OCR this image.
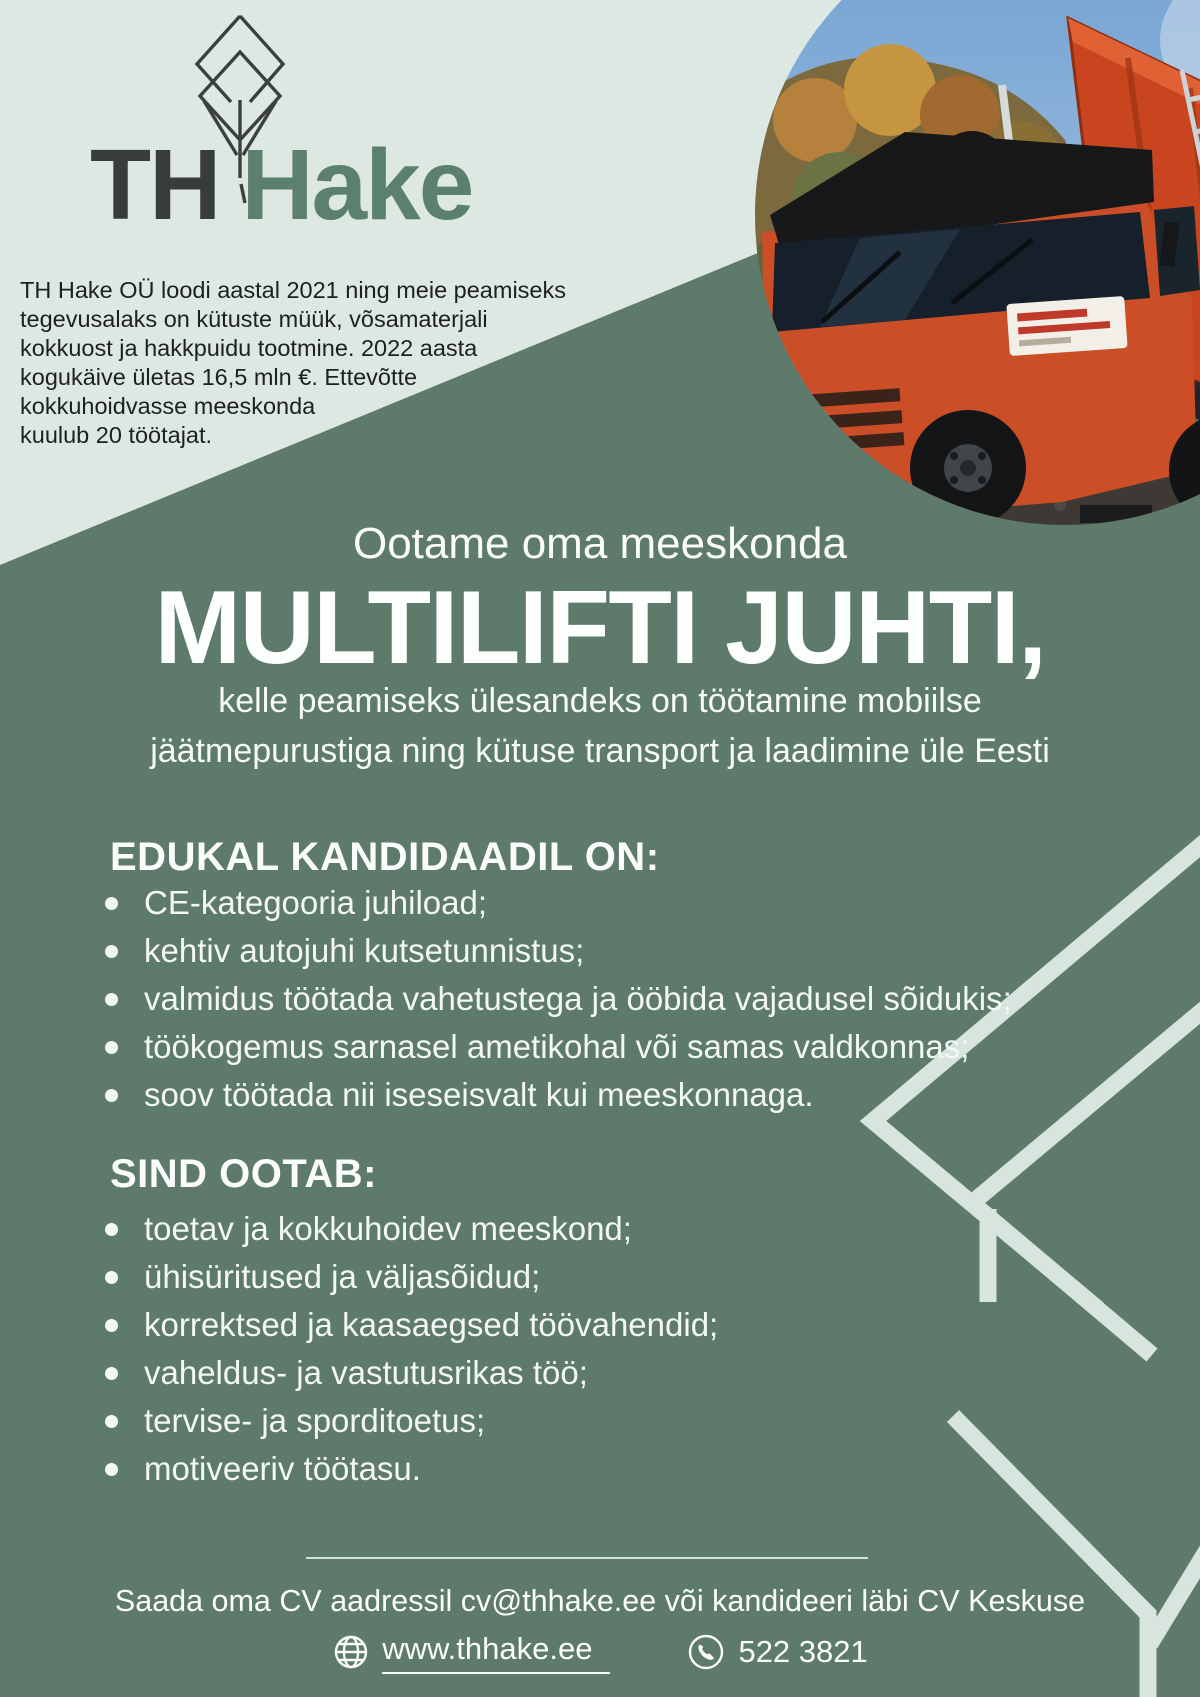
TH Hake
TH Hake OÜ loodi aastal 2021 ning meie peamiseks
tegevusalaks on kütuste müük, võsamaterjali
kokkuost ja hakkpuidu tootmine. 2022 aasta
kogukäive ületas 16,5 mln €. Ettevõtte
kokkuhoidvasse meeskonda
kuulub 20 töötajat.
Ootame oma meeskonda
MULTILIFTI JUHTI,
kelle peamiseks ülesandeks on töötamine mobiilse
jäätmepurustiga ning kütuse transport ja laadimine üle Eesti
EDUKAL KANDIDAADIL ON:
CE-kategooria juhiload;
kehtiv autojuhi kutsetunnistus;
valmidus töötada vahetustega ja ööbida vajadusel sõidukis;
töökogemus sarnasel ametikohal või samas valdkonnas;
soov töötada nii iseseisvalt kui meeskonnaga.
SIND OOTAB:
toetav ja kokkuhoidev meeskond;
ühisüritused ja väljasõidud;
korrektsed ja kaasaegsed töövahendid;
vaheldus- ja vastutusrikas töö;
tervise- ja sporditoetus;
motiveeriv töötasu.
Saada oma CV aadressil cv@thhake.ee või kandideeri läbi CV Keskuse
www.thhake.ee	522 3821
